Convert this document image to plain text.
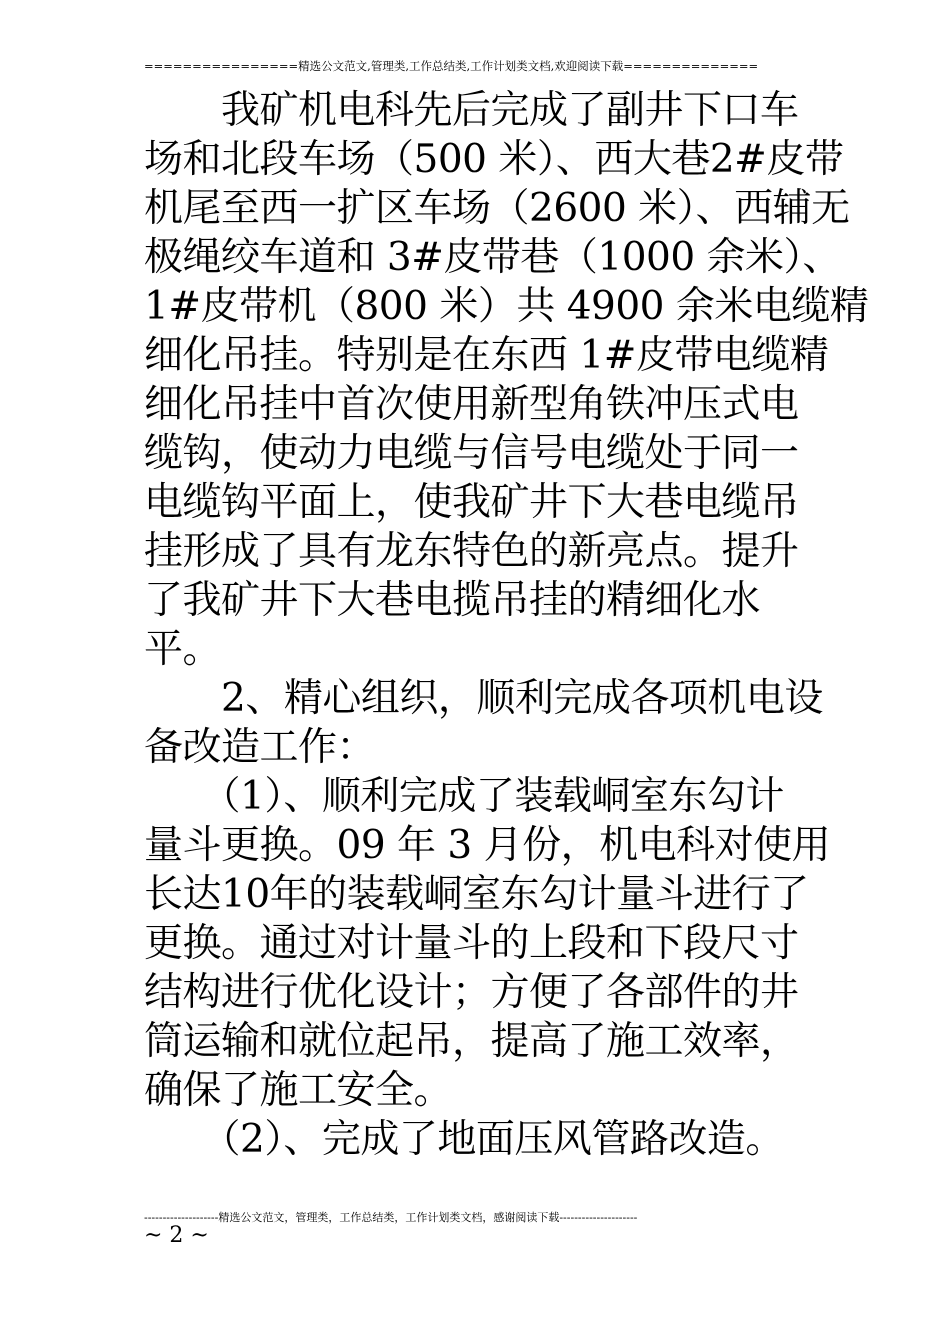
================精选公文范文,管理类,工作总结类,工作计划类文档,欢迎阅读下载==============
　　我矿机电科先后完成了副井下口车
场和北段车场（500 米）、西大巷2#皮带
机尾至西一扩区车场（2600 米）、西辅无
极绳绞车道和 3#皮带巷（1000 余米）、
1#皮带机（800 米）共 4900 余米电缆精
细化吊挂。特别是在东西 1#皮带电缆精
细化吊挂中首次使用新型角铁冲压式电
缆钩，使动力电缆与信号电缆处于同一
电缆钩平面上，使我矿井下大巷电缆吊
挂形成了具有龙东特色的新亮点。提升
了我矿井下大巷电揽吊挂的精细化水
平。
　　2、精心组织，顺利完成各项机电设
备改造工作：
　　（1）、顺利完成了装载峒室东勾计
量斗更换。09 年 3 月份，机电科对使用
长达10年的装载峒室东勾计量斗进行了
更换。通过对计量斗的上段和下段尺寸
结构进行优化设计；方便了各部件的井
筒运输和就位起吊，提高了施工效率，
确保了施工安全。
　　（2）、完成了地面压风管路改造。
--------------------精选公文范文，管理类，工作总结类，工作计划类文档，感谢阅读下载---------------------
~ 2 ~
